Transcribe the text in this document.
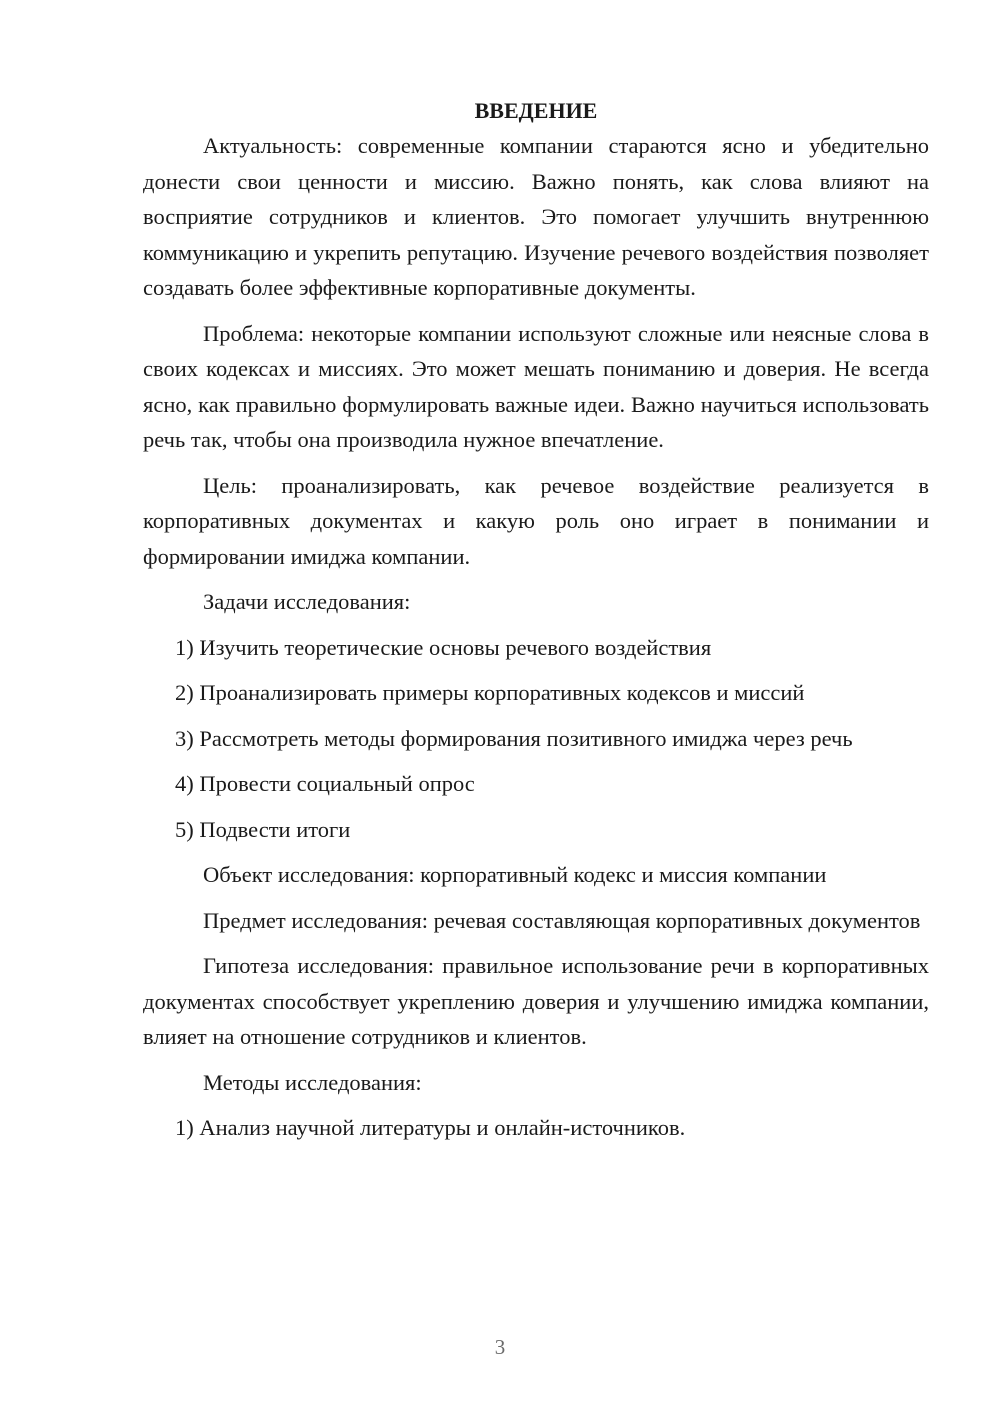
ВВЕДЕНИЕ

Актуальность: современные компании стараются ясно и убедительно донести свои ценности и миссию. Важно понять, как слова влияют на восприятие сотрудников и клиентов. Это помогает улучшить внутреннюю коммуникацию и укрепить репутацию. Изучение речевого воздействия позволяет создавать более эффективные корпоративные документы.

Проблема: некоторые компании используют сложные или неясные слова в своих кодексах и миссиях. Это может мешать пониманию и доверия. Не всегда ясно, как правильно формулировать важные идеи. Важно научиться использовать речь так, чтобы она производила нужное впечатление.

Цель: проанализировать, как речевое воздействие реализуется в корпоративных документах и какую роль оно играет в понимании и формировании имиджа компании.

Задачи исследования:

1) Изучить теоретические основы речевого воздействия
2) Проанализировать примеры корпоративных кодексов и миссий
3) Рассмотреть методы формирования позитивного имиджа через речь
4) Провести социальный опрос
5) Подвести итоги

Объект исследования: корпоративный кодекс и миссия компании

Предмет исследования: речевая составляющая корпоративных документов

Гипотеза исследования: правильное использование речи в корпоративных документах способствует укреплению доверия и улучшению имиджа компании, влияет на отношение сотрудников и клиентов.

Методы исследования:

1) Анализ научной литературы и онлайн-источников.
3
